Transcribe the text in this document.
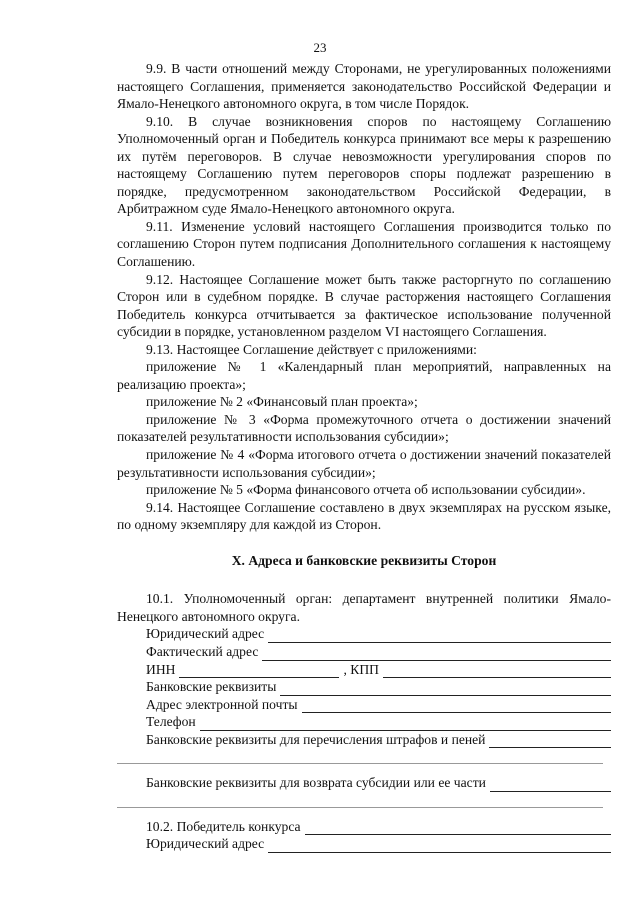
23

9.9. В части отношений между Сторонами, не урегулированных положениями настоящего Соглашения, применяется законодательство Российской Федерации и Ямало-Ненецкого автономного округа, в том числе Порядок.

9.10. В случае возникновения споров по настоящему Соглашению Уполномоченный орган и Победитель конкурса принимают все меры к разрешению их путём переговоров. В случае невозможности урегулирования споров по настоящему Соглашению путем переговоров споры подлежат разрешению в порядке, предусмотренном законодательством Российской Федерации, в Арбитражном суде Ямало-Ненецкого автономного округа.

9.11. Изменение условий настоящего Соглашения производится только по соглашению Сторон путем подписания Дополнительного соглашения к настоящему Соглашению.

9.12. Настоящее Соглашение может быть также расторгнуто по соглашению Сторон или в судебном порядке. В случае расторжения настоящего Соглашения Победитель конкурса отчитывается за фактическое использование полученной субсидии в порядке, установленном разделом VI настоящего Соглашения.

9.13. Настоящее Соглашение действует с приложениями:

приложение № 1 «Календарный план мероприятий, направленных на реализацию проекта»;

приложение № 2 «Финансовый план проекта»;

приложение № 3 «Форма промежуточного отчета о достижении значений показателей результативности использования субсидии»;

приложение № 4 «Форма итогового отчета о достижении значений показателей результативности использования субсидии»;

приложение № 5 «Форма финансового отчета об использовании субсидии».

9.14. Настоящее Соглашение составлено в двух экземплярах на русском языке, по одному экземпляру для каждой из Сторон.

X. Адреса и банковские реквизиты Сторон

10.1. Уполномоченный орган: департамент внутренней политики Ямало-Ненецкого автономного округа.

Юридический адрес
Фактический адрес
ИНН	, КПП
Банковские реквизиты
Адрес электронной почты
Телефон
Банковские реквизиты для перечисления штрафов и пеней
Банковские реквизиты для возврата субсидии или ее части
10.2. Победитель конкурса
Юридический адрес
